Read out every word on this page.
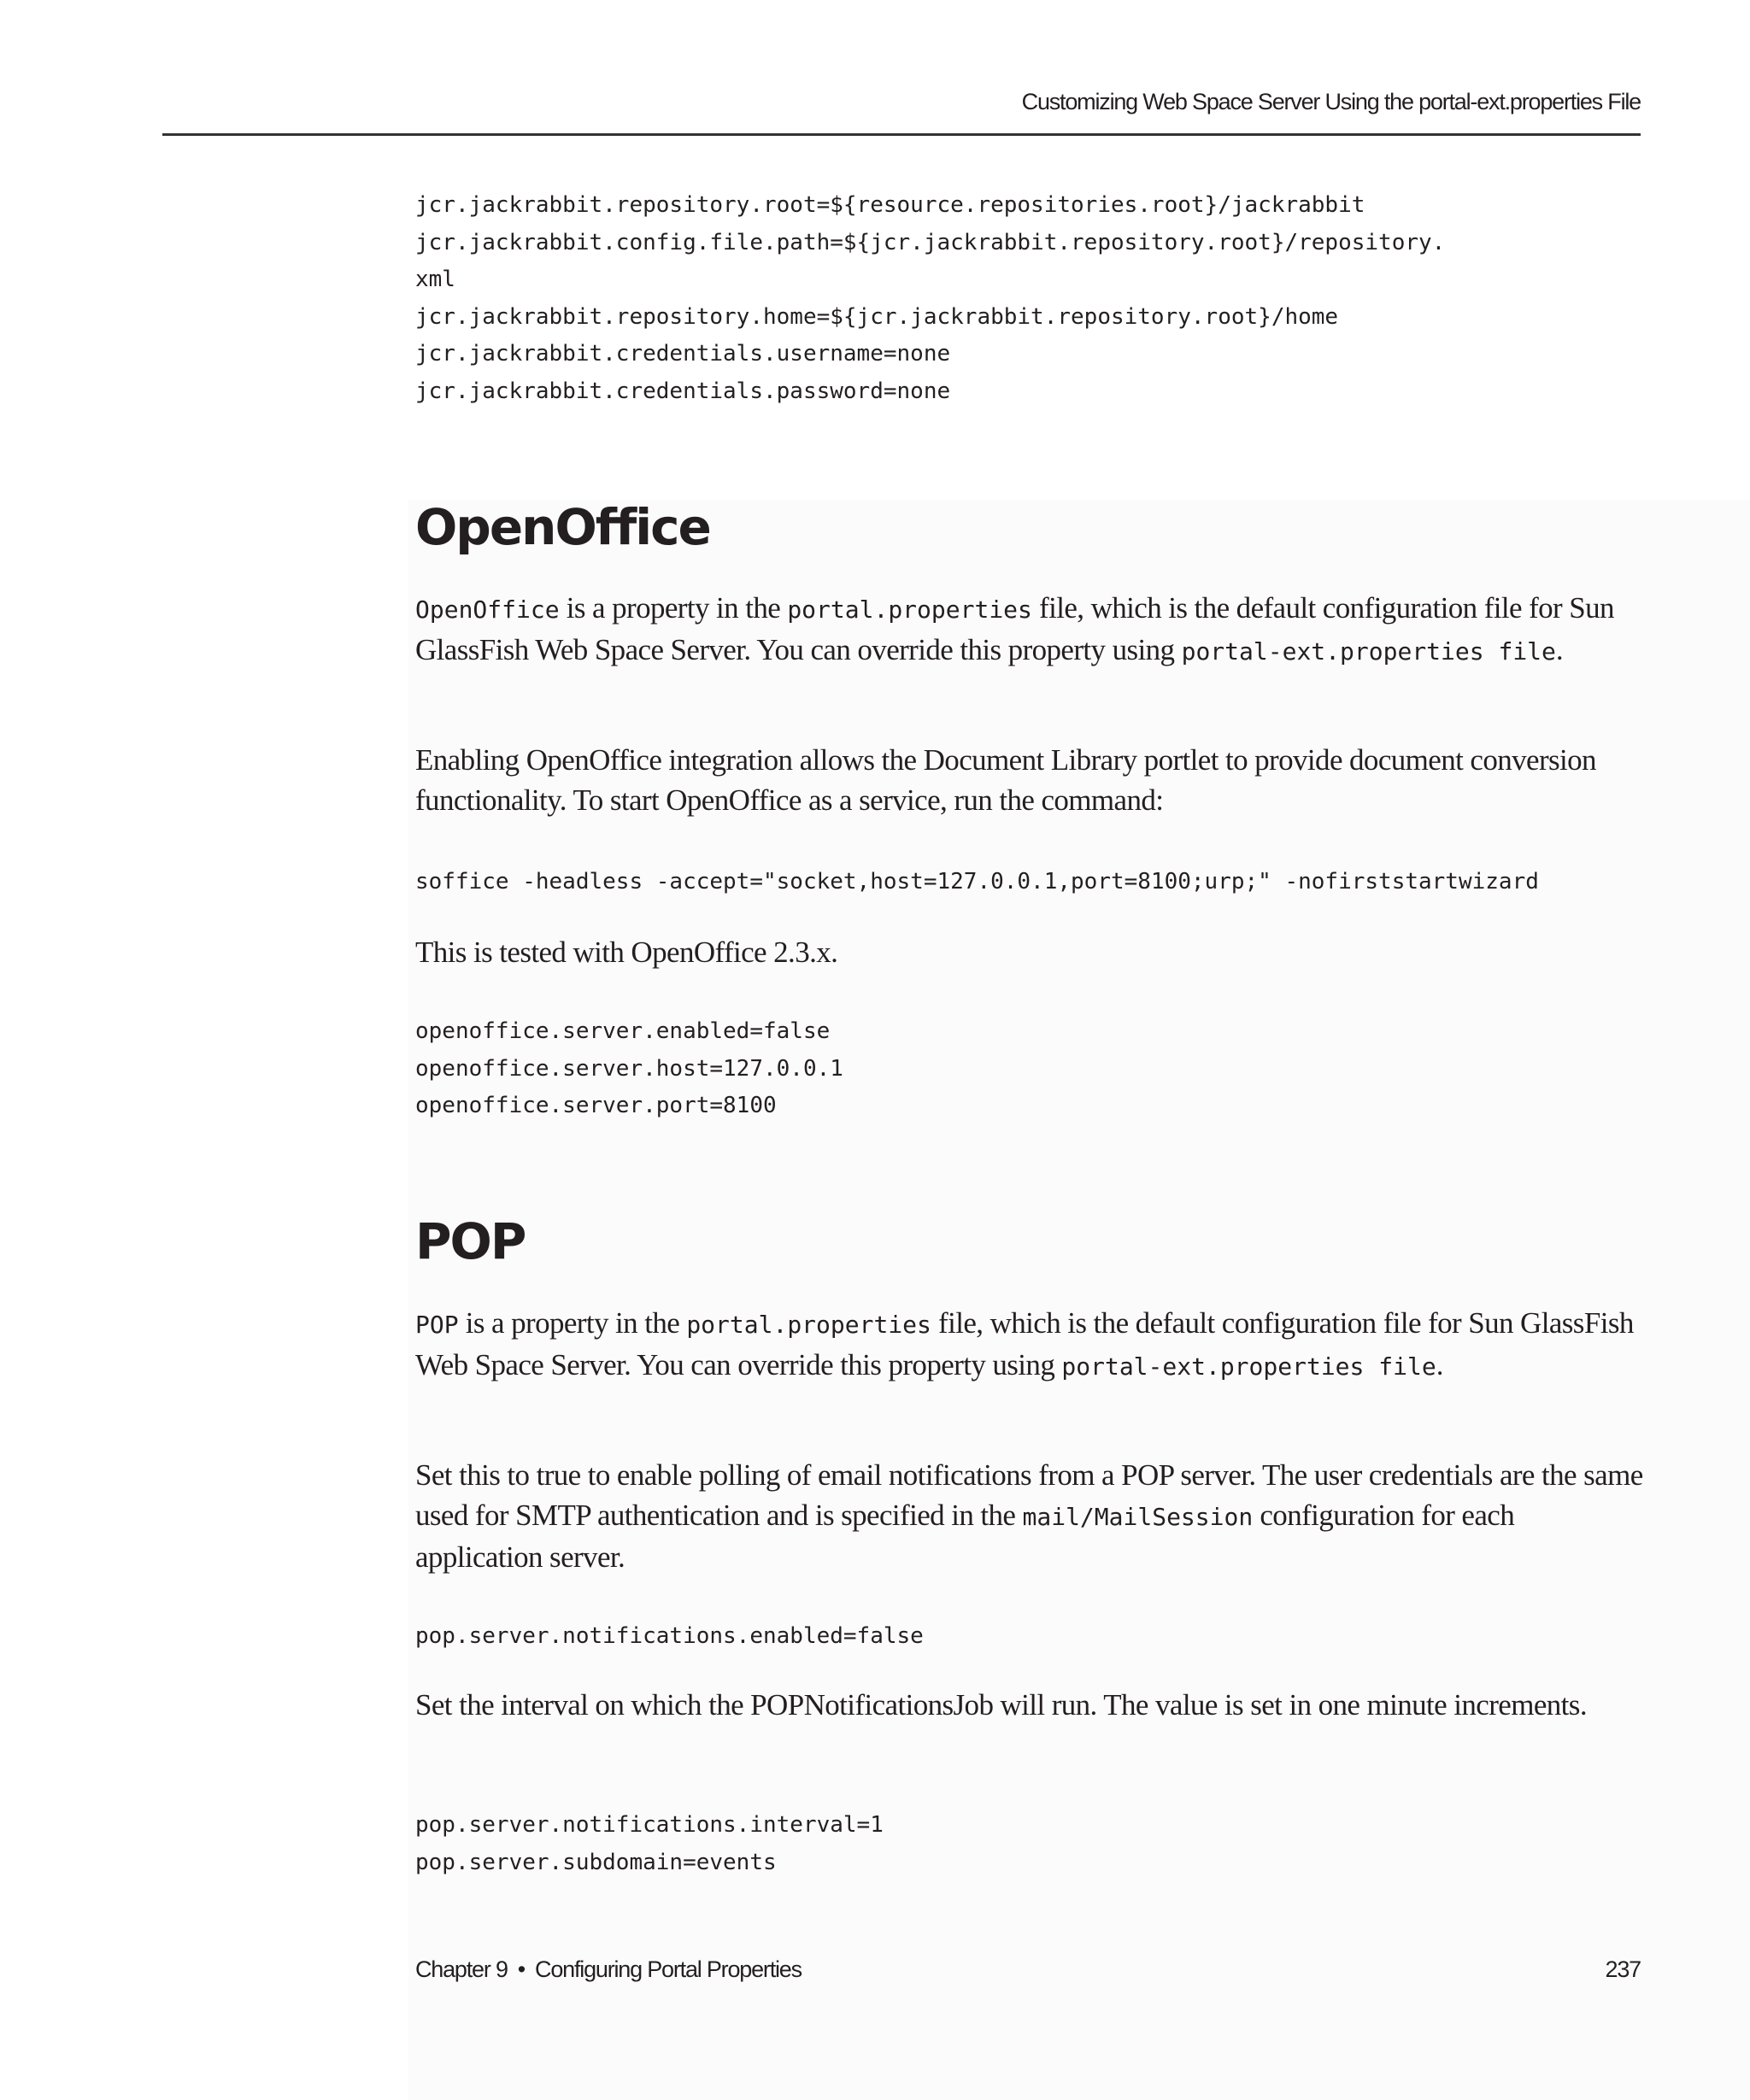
Customizing Web Space Server Using the portal-ext.properties File
jcr.jackrabbit.repository.root=${resource.repositories.root}/jackrabbit
jcr.jackrabbit.config.file.path=${jcr.jackrabbit.repository.root}/repository.
xml
jcr.jackrabbit.repository.home=${jcr.jackrabbit.repository.root}/home
jcr.jackrabbit.credentials.username=none
jcr.jackrabbit.credentials.password=none
OpenOffice

OpenOffice is a property in the portal.properties file, which is the default configuration file for Sun GlassFish Web Space Server. You can override this property using portal-ext.properties file.

Enabling OpenOffice integration allows the Document Library portlet to provide document conversion functionality. To start OpenOffice as a service, run the command:

soffice -headless -accept="socket,host=127.0.0.1,port=8100;urp;" -nofirststartwizard

This is tested with OpenOffice 2.3.x.

openoffice.server.enabled=false
openoffice.server.host=127.0.0.1
openoffice.server.port=8100
POP

POP is a property in the portal.properties file, which is the default configuration file for Sun GlassFish Web Space Server. You can override this property using portal-ext.properties file.

Set this to true to enable polling of email notifications from a POP server. The user credentials are the same used for SMTP authentication and is specified in the mail/MailSession configuration for each application server.

pop.server.notifications.enabled=false

Set the interval on which the POPNotificationsJob will run. The value is set in one minute increments.

pop.server.notifications.interval=1
pop.server.subdomain=events
Chapter 9 • Configuring Portal Properties	237
